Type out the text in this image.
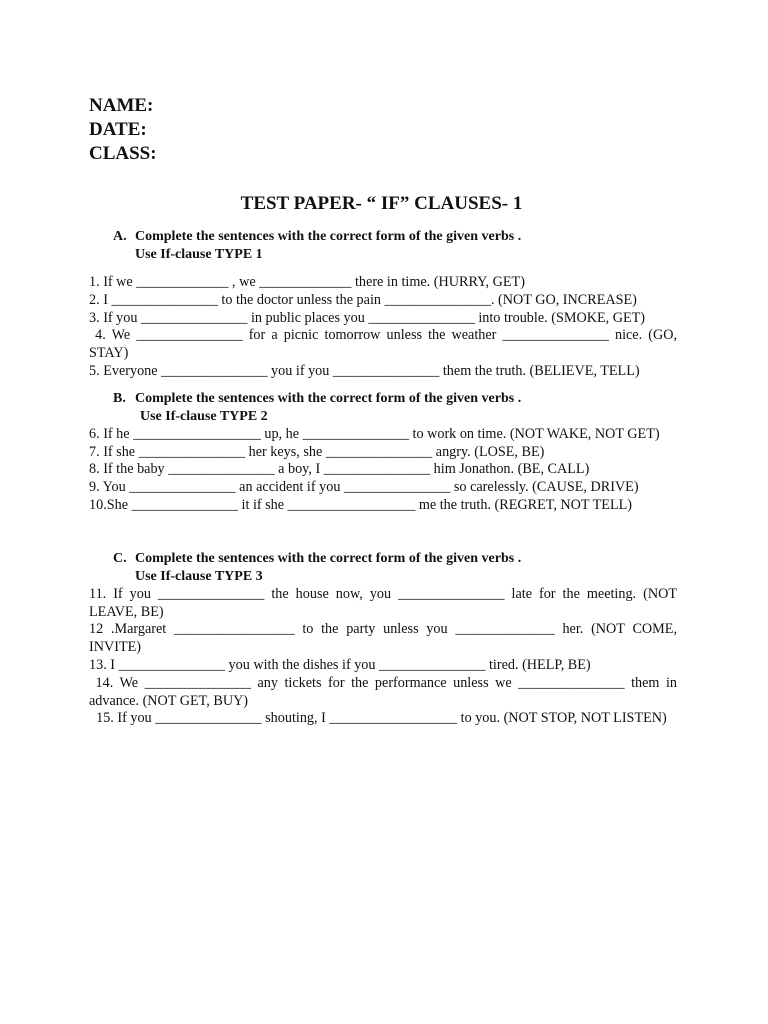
NAME:
DATE:
CLASS:
TEST PAPER- “ IF” CLAUSES- 1
A. Complete the sentences with the correct form of the given verbs .
Use If-clause TYPE 1
1. If we _____________ , we _____________ there in time. (HURRY, GET)
2. I _______________ to the doctor unless the pain _______________. (NOT GO, INCREASE)
3. If you _______________ in public places you _______________ into trouble. (SMOKE, GET)
4. We _______________ for a picnic tomorrow unless the weather _______________ nice. (GO, STAY)
5. Everyone _______________ you if you _______________ them the truth. (BELIEVE, TELL)
B. Complete the sentences with the correct form of the given verbs .
Use If-clause TYPE 2
6. If he __________________ up, he _______________ to work on time. (NOT WAKE, NOT GET)
7. If she _______________ her keys, she _______________ angry. (LOSE, BE)
8. If the baby _______________ a boy, I _______________ him Jonathon. (BE, CALL)
9. You _______________ an accident if you _______________ so carelessly. (CAUSE, DRIVE)
10.She _______________ it if she __________________ me the truth. (REGRET, NOT TELL)
C. Complete the sentences with the correct form of the given verbs .
Use If-clause TYPE 3
11. If you _______________ the house now, you _______________ late for the meeting. (NOT LEAVE, BE)
12 .Margaret _________________ to the party unless you ______________ her. (NOT COME, INVITE)
13. I _______________ you with the dishes if you _______________ tired. (HELP, BE)
14. We _______________ any tickets for the performance unless we _______________ them in advance. (NOT GET, BUY)
15. If you _______________ shouting, I __________________ to you. (NOT STOP, NOT LISTEN)
